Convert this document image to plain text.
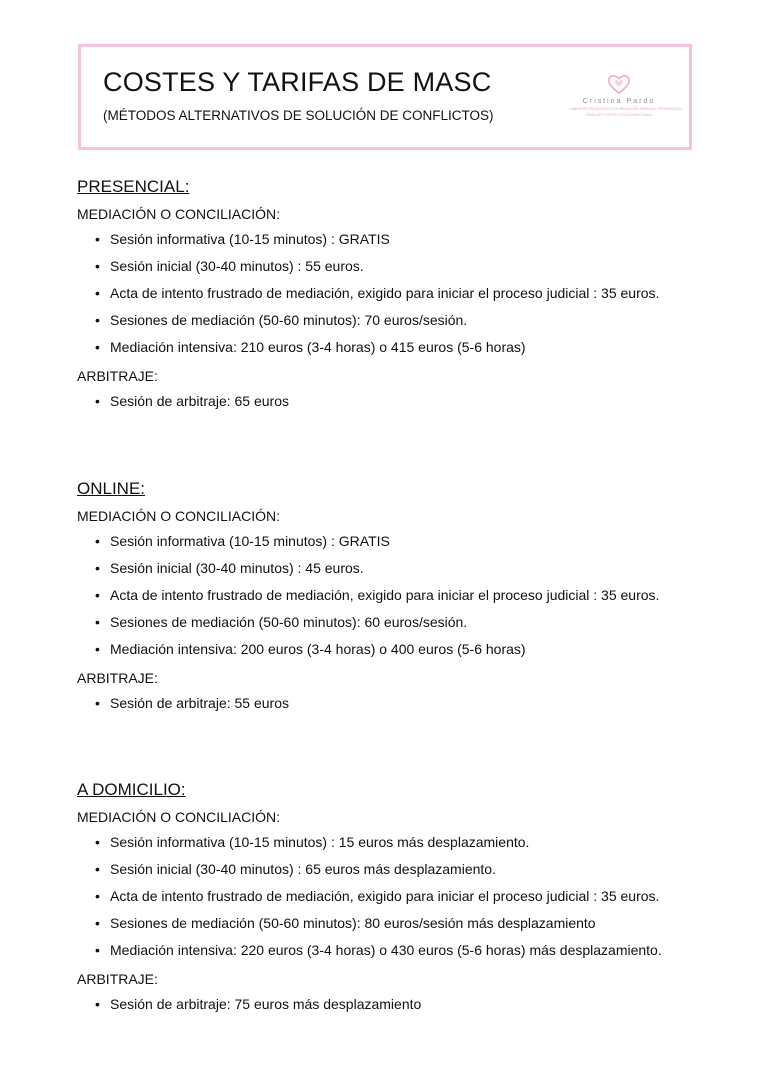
COSTES Y TARIFAS DE MASC

(MÉTODOS ALTERNATIVOS DE SOLUCIÓN DE CONFLICTOS)

Cristina Pardo
GABINETE PSICOLÓGICO DE MEDIACIÓN FAMILIAR, ORIENTACIÓN
FAMILIAR Y APOYO SOCIO-EMOCIONAL
PRESENCIAL:

MEDIACIÓN O CONCILIACIÓN:

• Sesión informativa (10-15 minutos) : GRATIS
• Sesión inicial (30-40 minutos) : 55 euros.
• Acta de intento frustrado de mediación, exigido para iniciar el proceso judicial : 35 euros.
• Sesiones de mediación (50-60 minutos): 70 euros/sesión.
• Mediación intensiva: 210 euros (3-4 horas) o 415 euros (5-6 horas)

ARBITRAJE:

• Sesión de arbitraje: 65 euros
ONLINE:

MEDIACIÓN O CONCILIACIÓN:

• Sesión informativa (10-15 minutos) : GRATIS
• Sesión inicial (30-40 minutos) : 45 euros.
• Acta de intento frustrado de mediación, exigido para iniciar el proceso judicial : 35 euros.
• Sesiones de mediación (50-60 minutos): 60 euros/sesión.
• Mediación intensiva: 200 euros (3-4 horas) o 400 euros (5-6 horas)

ARBITRAJE:

• Sesión de arbitraje: 55 euros
A DOMICILIO:

MEDIACIÓN O CONCILIACIÓN:

• Sesión informativa (10-15 minutos) : 15 euros más desplazamiento.
• Sesión inicial (30-40 minutos) : 65 euros más desplazamiento.
• Acta de intento frustrado de mediación, exigido para iniciar el proceso judicial : 35 euros.
• Sesiones de mediación (50-60 minutos): 80 euros/sesión más desplazamiento
• Mediación intensiva: 220 euros (3-4 horas) o 430 euros (5-6 horas) más desplazamiento.

ARBITRAJE:

• Sesión de arbitraje: 75 euros más desplazamiento
